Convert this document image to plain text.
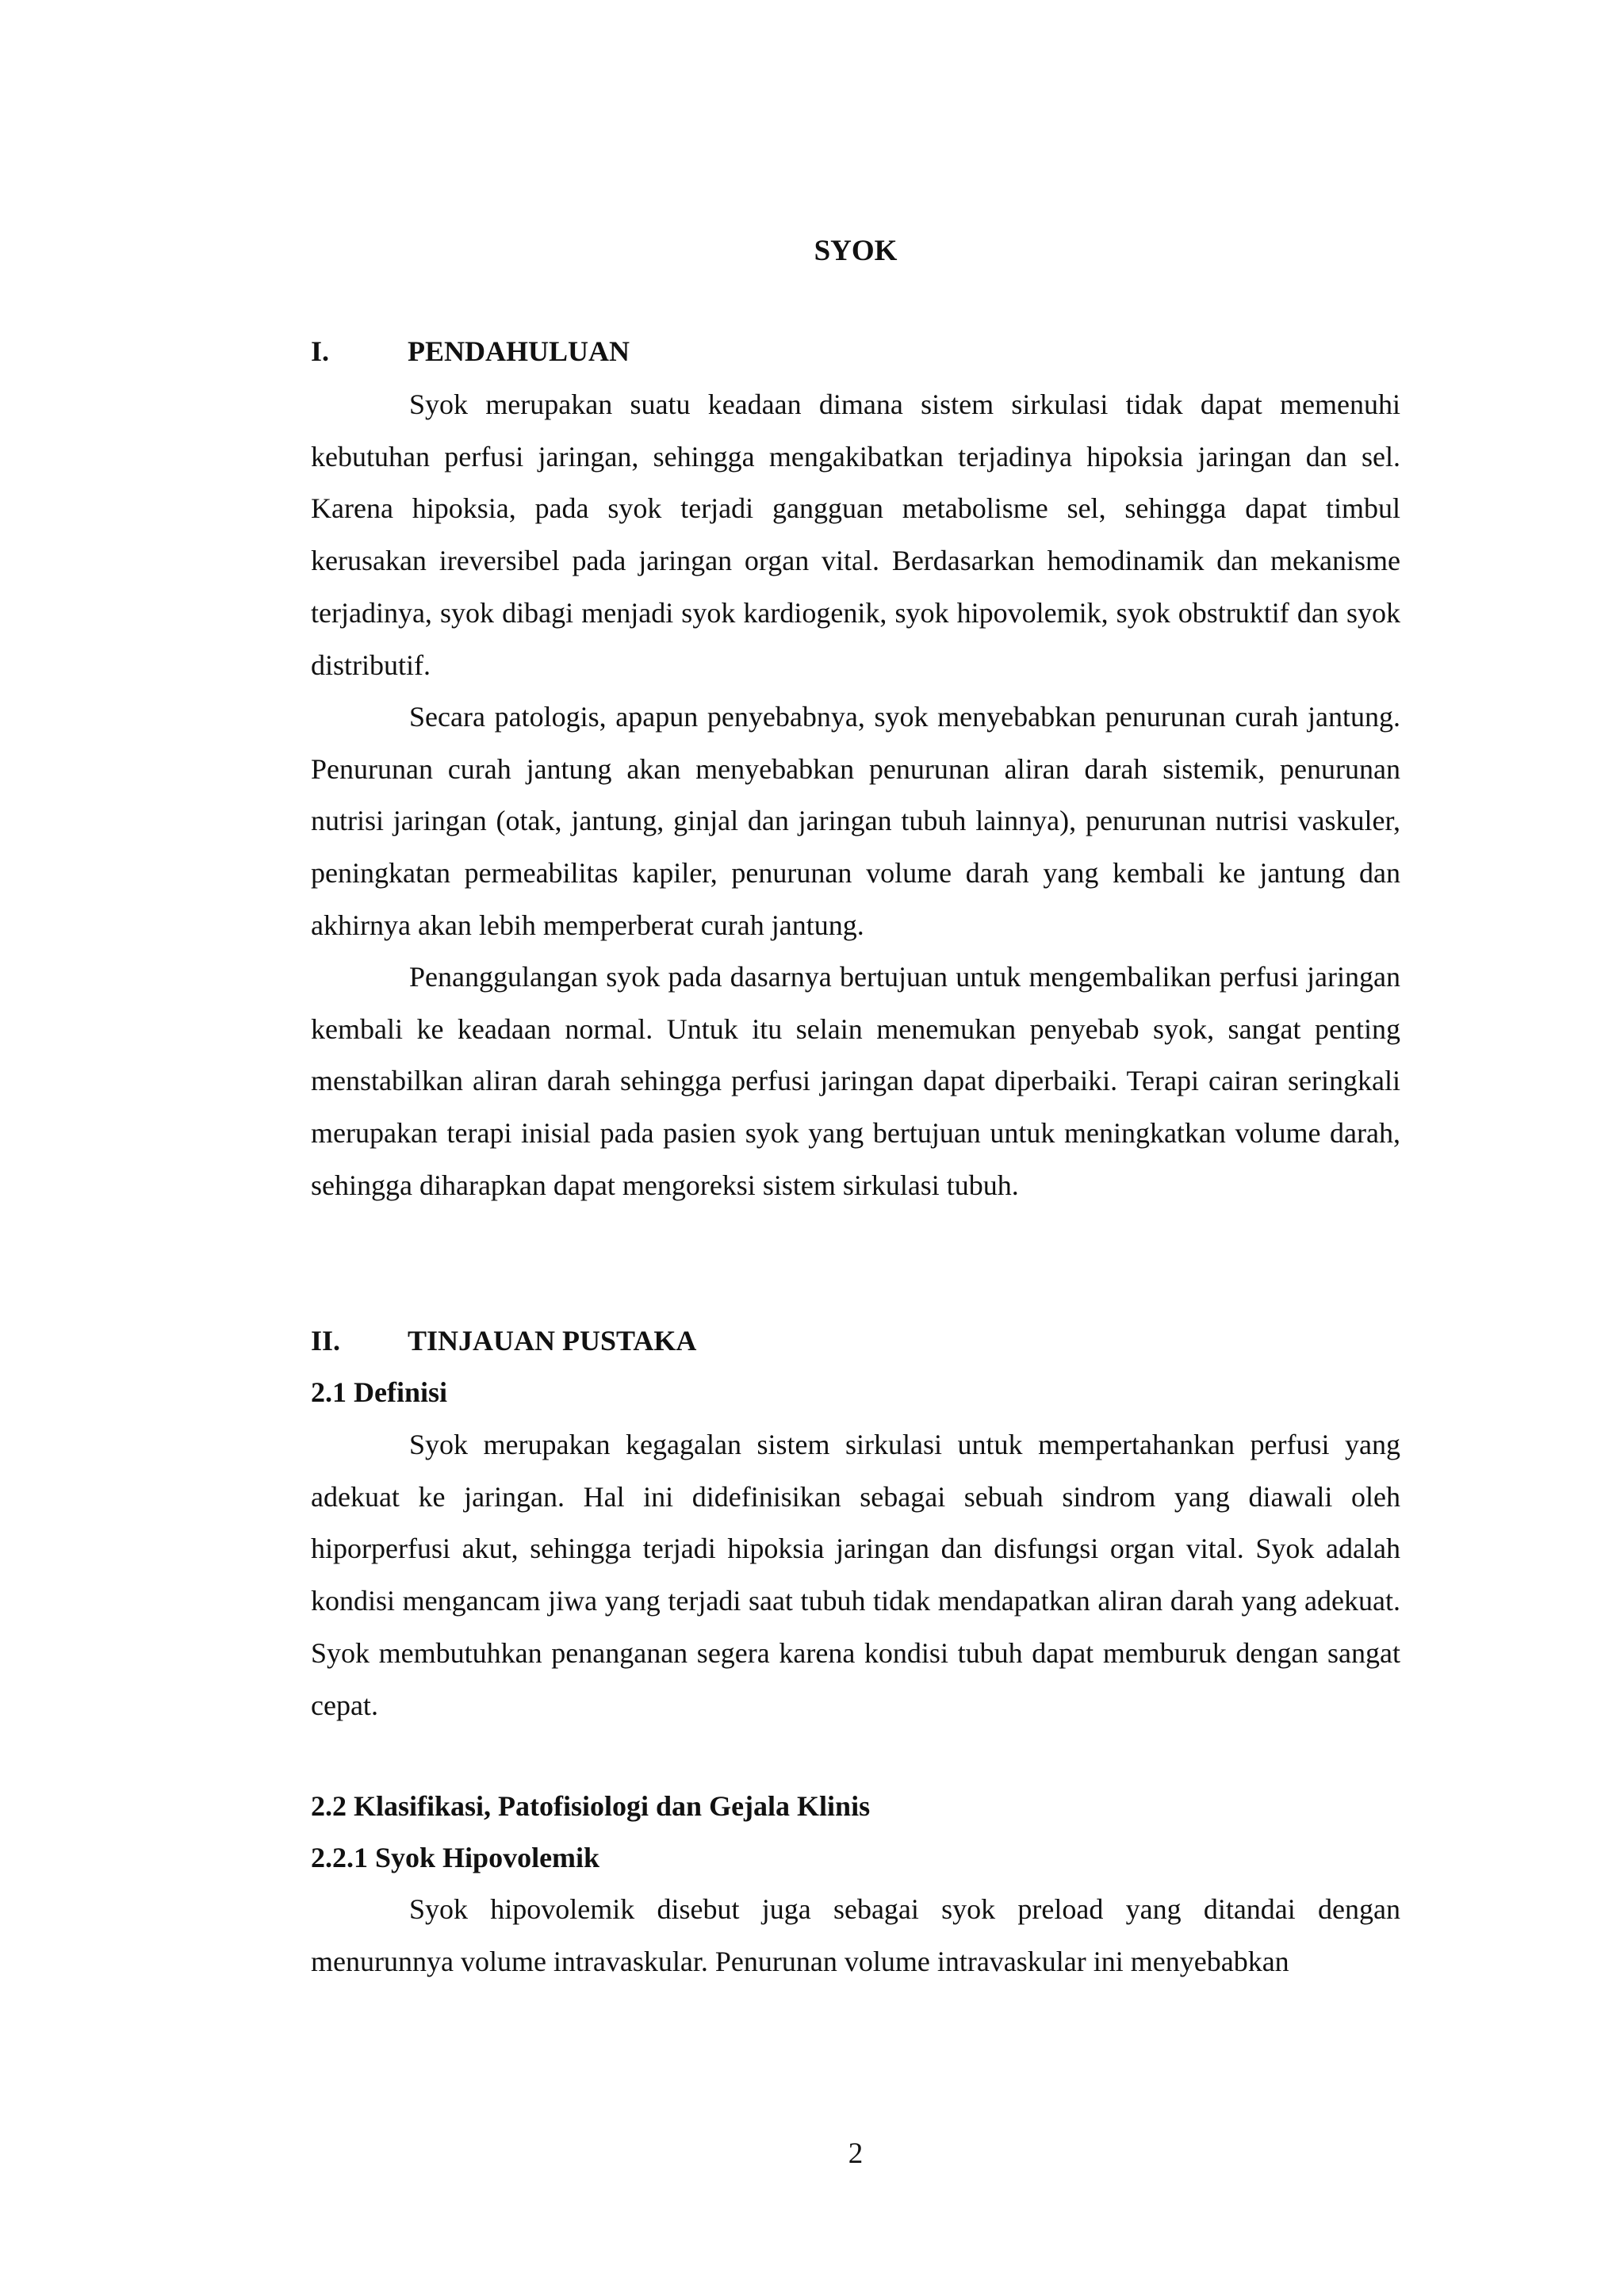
SYOK
I.	PENDAHULUAN

Syok merupakan suatu keadaan dimana sistem sirkulasi tidak dapat memenuhi kebutuhan perfusi jaringan, sehingga mengakibatkan terjadinya hipoksia jaringan dan sel. Karena hipoksia, pada syok terjadi gangguan metabolisme sel, sehingga dapat timbul kerusakan ireversibel pada jaringan organ vital. Berdasarkan hemodinamik dan mekanisme terjadinya, syok dibagi menjadi syok kardiogenik, syok hipovolemik, syok obstruktif dan syok distributif.

Secara patologis, apapun penyebabnya, syok menyebabkan penurunan curah jantung. Penurunan curah jantung akan menyebabkan penurunan aliran darah sistemik, penurunan nutrisi jaringan (otak, jantung, ginjal dan jaringan tubuh lainnya), penurunan nutrisi vaskuler, peningkatan permeabilitas kapiler, penurunan volume darah yang kembali ke jantung dan akhirnya akan lebih memperberat curah jantung.

Penanggulangan syok pada dasarnya bertujuan untuk mengembalikan perfusi jaringan kembali ke keadaan normal. Untuk itu selain menemukan penyebab syok, sangat penting menstabilkan aliran darah sehingga perfusi jaringan dapat diperbaiki. Terapi cairan seringkali merupakan terapi inisial pada pasien syok yang bertujuan untuk meningkatkan volume darah, sehingga diharapkan dapat mengoreksi sistem sirkulasi tubuh.

II. TINJAUAN PUSTAKA
2.1 Definisi

Syok merupakan kegagalan sistem sirkulasi untuk mempertahankan perfusi yang adekuat ke jaringan. Hal ini didefinisikan sebagai sebuah sindrom yang diawali oleh hiporperfusi akut, sehingga terjadi hipoksia jaringan dan disfungsi organ vital. Syok adalah kondisi mengancam jiwa yang terjadi saat tubuh tidak mendapatkan aliran darah yang adekuat. Syok membutuhkan penanganan segera karena kondisi tubuh dapat memburuk dengan sangat cepat.

2.2 Klasifikasi, Patofisiologi dan Gejala Klinis
2.2.1 Syok Hipovolemik

Syok hipovolemik disebut juga sebagai syok preload yang ditandai dengan menurunnya volume intravaskular. Penurunan volume intravaskular ini menyebabkan

2
